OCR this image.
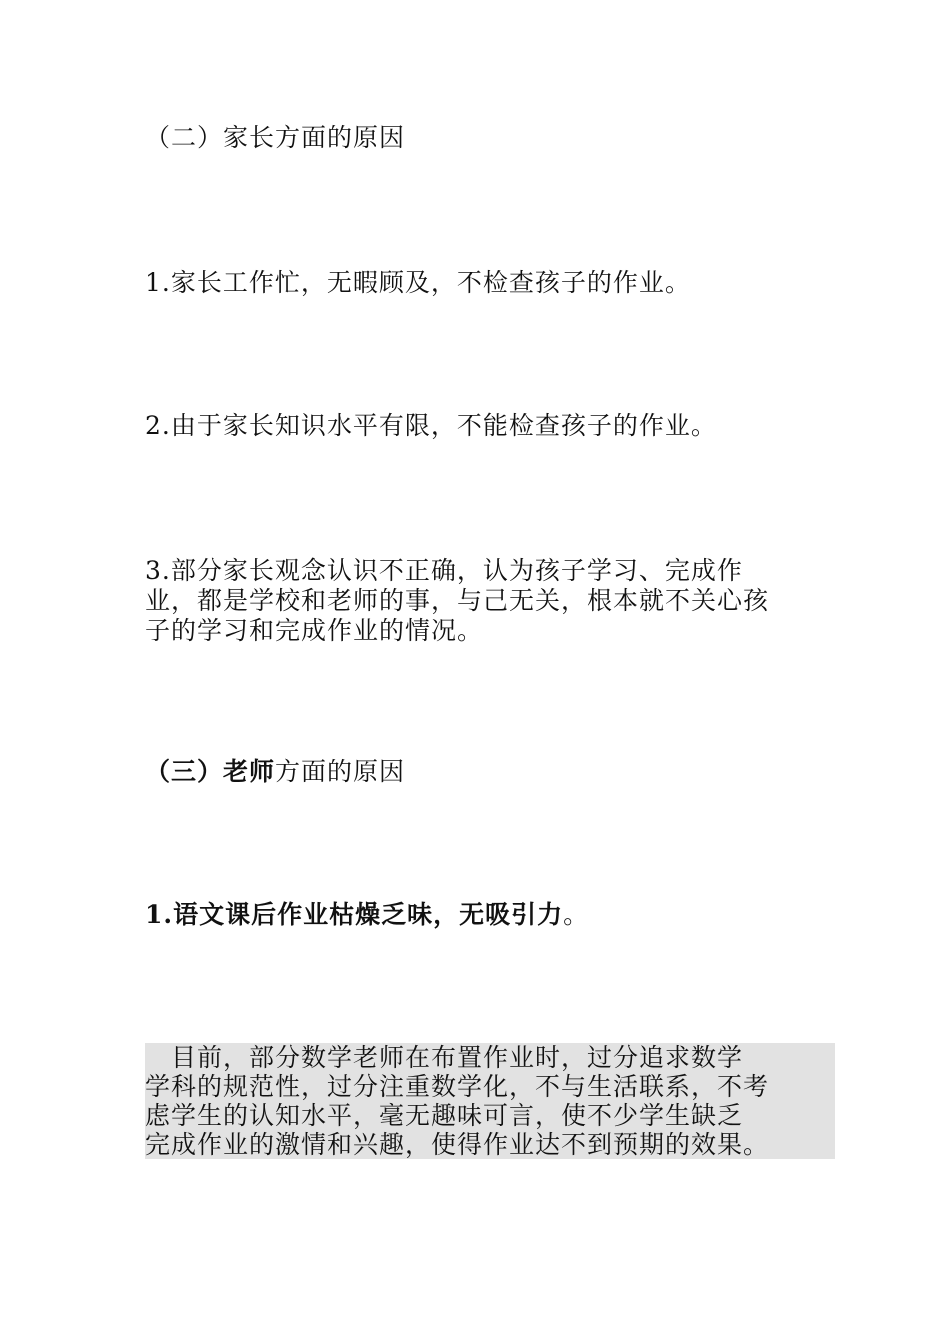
（二）家长方面的原因
1.家长工作忙，无暇顾及，不检查孩子的作业。
2.由于家长知识水平有限，不能检查孩子的作业。
3.部分家长观念认识不正确，认为孩子学习、完成作
业，都是学校和老师的事，与己无关，根本就不关心孩
子的学习和完成作业的情况。
（三）老师方面的原因
1.语文课后作业枯燥乏味，无吸引力。
　目前，部分数学老师在布置作业时，过分追求数学
学科的规范性，过分注重数学化，不与生活联系，不考
虑学生的认知水平，毫无趣味可言，使不少学生缺乏
完成作业的激情和兴趣，使得作业达不到预期的效果。
